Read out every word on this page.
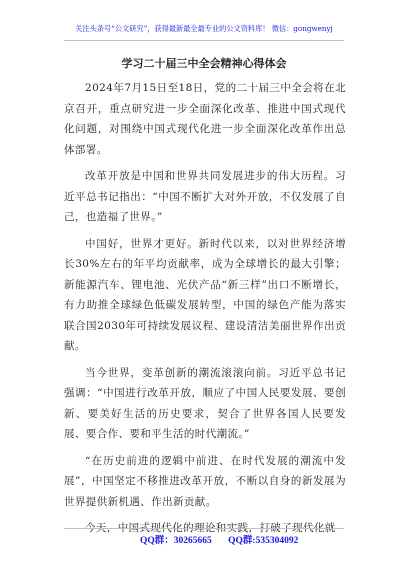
关注头条号“公文研究”，获得最新最全最专业的公文资料库！ 微信：gongwenyj
学习二十届三中全会精神心得体会

2024年7月15日至18日，党的二十届三中全会将在北京召开，重点研究进一步全面深化改革、推进中国式现代化问题，对围绕中国式现代化进一步全面深化改革作出总体部署。

改革开放是中国和世界共同发展进步的伟大历程。习近平总书记指出：“中国不断扩大对外开放，不仅发展了自己，也造福了世界。”

中国好，世界才更好。新时代以来，以对世界经济增长30%左右的年平均贡献率，成为全球增长的最大引擎；新能源汽车、锂电池、光伏产品“新三样”出口不断增长，有力助推全球绿色低碳发展转型，中国的绿色产能为落实联合国2030年可持续发展议程、建设清洁美丽世界作出贡献。

当今世界，变革创新的潮流滚滚向前。习近平总书记强调：“中国进行改革开放，顺应了中国人民要发展、要创新、要美好生活的历史要求，契合了世界各国人民要发展、要合作、要和平生活的时代潮流。”

“在历史前进的逻辑中前进、在时代发展的潮流中发展”，中国坚定不移推进改革开放，不断以自身的新发展为世界提供新机遇、作出新贡献。

今天，中国式现代化的理论和实践，打破了现代化就

QQ群：30265665 QQ群:535304092
